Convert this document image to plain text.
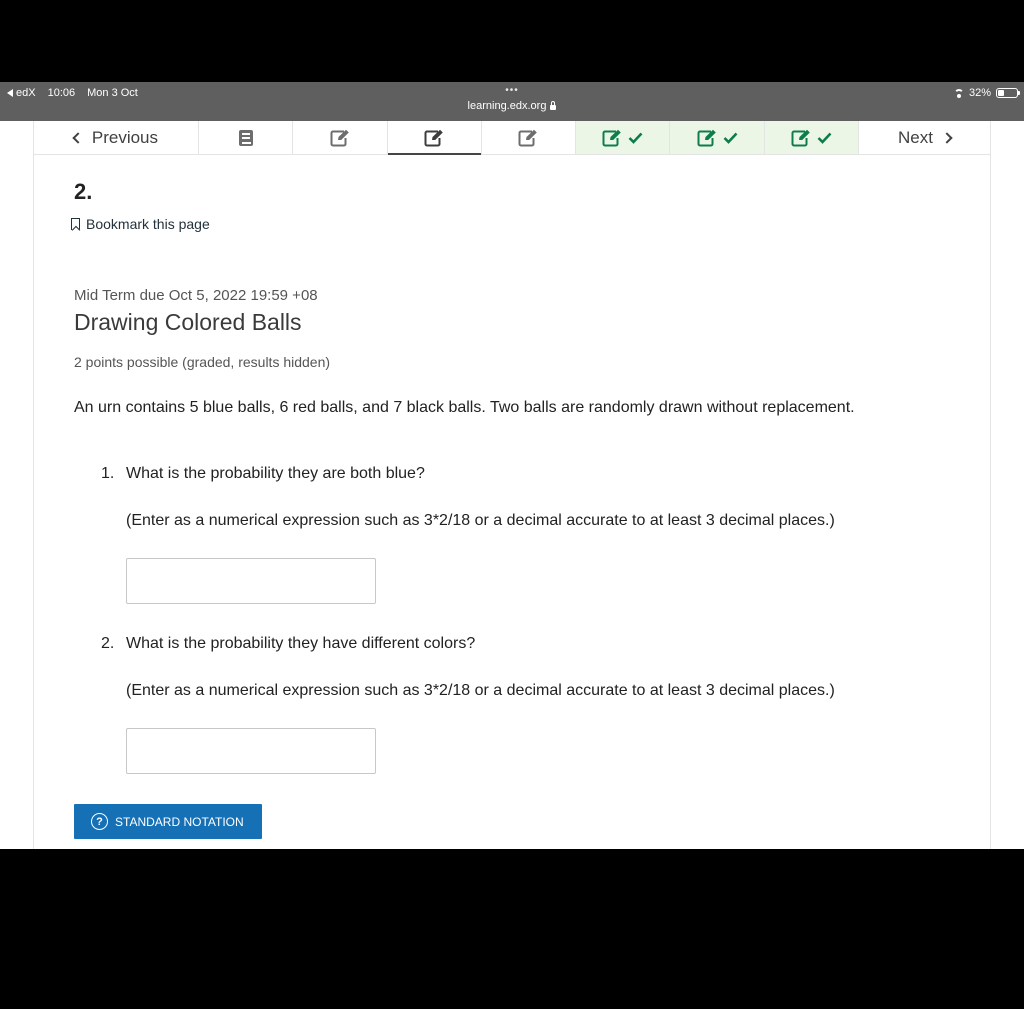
edX 10:06 Mon 3 Oct	•••
learning.edx.org
32%
Previous	Next
2.
Bookmark this page
Mid Term due Oct 5, 2022 19:59 +08
Drawing Colored Balls
2 points possible (graded, results hidden)
An urn contains 5 blue balls, 6 red balls, and 7 black balls. Two balls are randomly drawn without replacement.
1. What is the probability they are both blue?
(Enter as a numerical expression such as 3*2/18 or a decimal accurate to at least 3 decimal places.)
2. What is the probability they have different colors?
(Enter as a numerical expression such as 3*2/18 or a decimal accurate to at least 3 decimal places.)
?	STANDARD NOTATION
